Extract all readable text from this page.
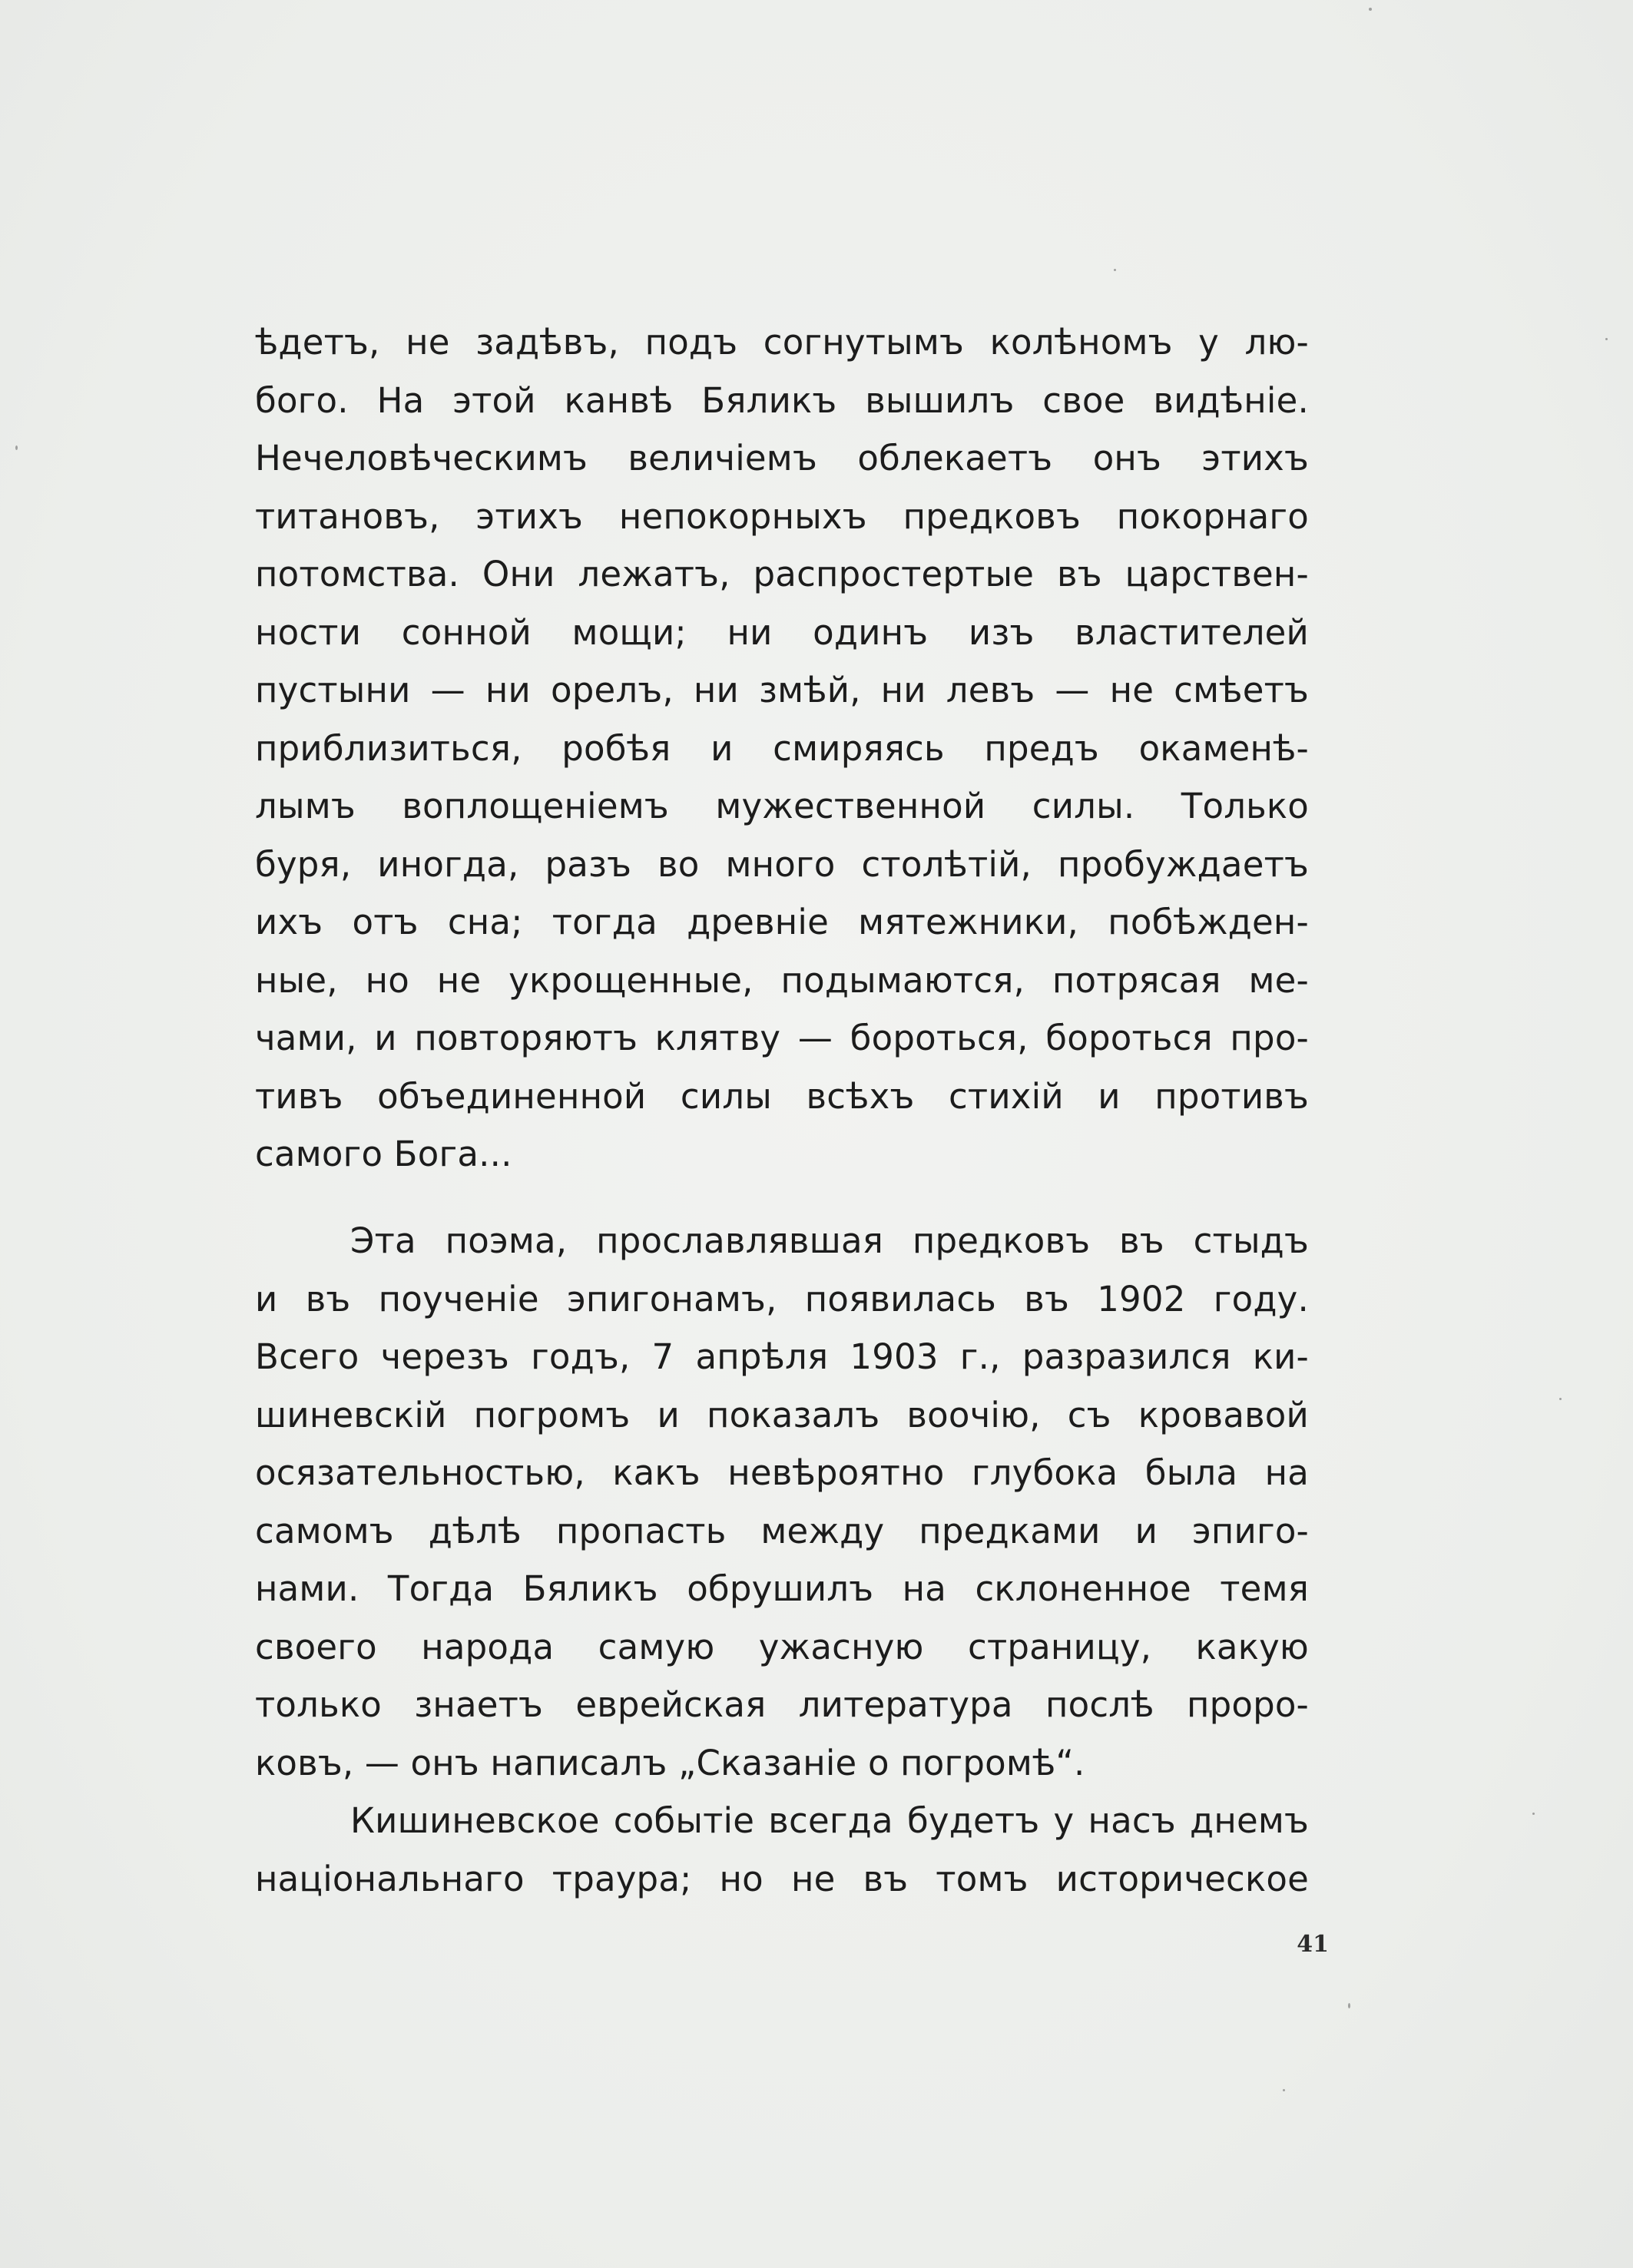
ѣдетъ, не задѣвъ, подъ согнутымъ колѣномъ у лю-
бого. На этой канвѣ Бяликъ вышилъ свое видѣніе.
Нечеловѣческимъ величіемъ облекаетъ онъ этихъ
титановъ, этихъ непокорныхъ предковъ покорнаго
потомства. Они лежатъ, распростертые въ царствен-
ности сонной мощи; ни одинъ изъ властителей
пустыни — ни орелъ, ни змѣй, ни левъ — не смѣетъ
приблизиться, робѣя и смиряясь предъ окаменѣ-
лымъ воплощеніемъ мужественной силы. Только
буря, иногда, разъ во много столѣтій, пробуждаетъ
ихъ отъ сна; тогда древніе мятежники, побѣжден-
ные, но не укрощенные, подымаются, потрясая ме-
чами, и повторяютъ клятву — бороться, бороться про-
тивъ объединенной силы всѣхъ стихій и противъ
самого Бога...
Эта поэма, прославлявшая предковъ въ стыдъ
и въ поученіе эпигонамъ, появилась въ 1902 году.
Всего черезъ годъ, 7 апрѣля 1903 г., разразился ки-
шиневскій погромъ и показалъ воочію, съ кровавой
осязательностью, какъ невѣроятно глубока была на
самомъ дѣлѣ пропасть между предками и эпиго-
нами. Тогда Бяликъ обрушилъ на склоненное темя
своего народа самую ужасную страницу, какую
только знаетъ еврейская литература послѣ проро-
ковъ, — онъ написалъ „Сказаніе о погромѣ“.
Кишиневское событіе всегда будетъ у насъ днемъ
національнаго траура; но не въ томъ историческое
41
